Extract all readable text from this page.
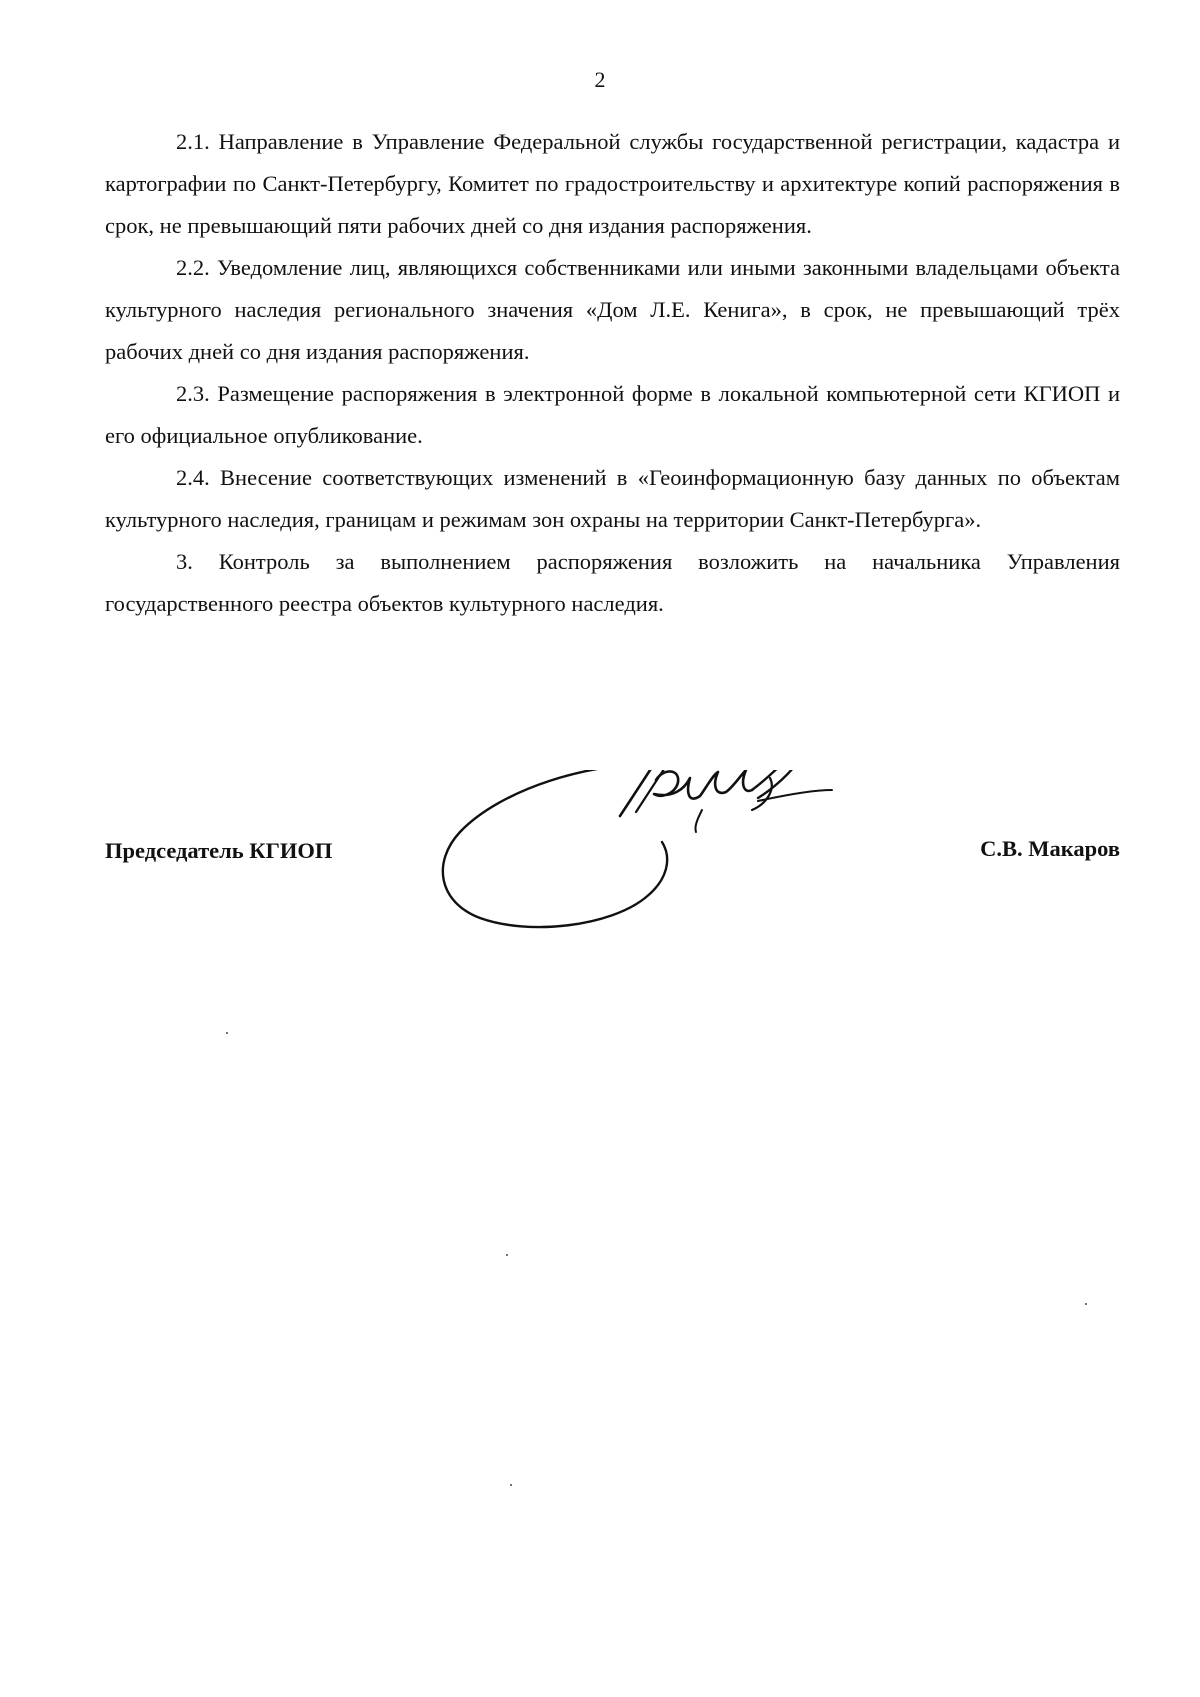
2

2.1. Направление в Управление Федеральной службы государственной регистрации, кадастра и картографии по Санкт-Петербургу, Комитет по градостроительству и архитектуре копий распоряжения в срок, не превышающий пяти рабочих дней со дня издания распоряжения.

2.2. Уведомление лиц, являющихся собственниками или иными законными владельцами объекта культурного наследия регионального значения «Дом Л.Е. Кенига», в срок, не превышающий трёх рабочих дней со дня издания распоряжения.

2.3. Размещение распоряжения в электронной форме в локальной компьютерной сети КГИОП и его официальное опубликование.

2.4. Внесение соответствующих изменений в «Геоинформационную базу данных по объектам культурного наследия, границам и режимам зон охраны на территории Санкт-Петербурга».

3. Контроль за выполнением распоряжения возложить на начальника Управления государственного реестра объектов культурного наследия.

Председатель КГИОП	С.В. Макаров
